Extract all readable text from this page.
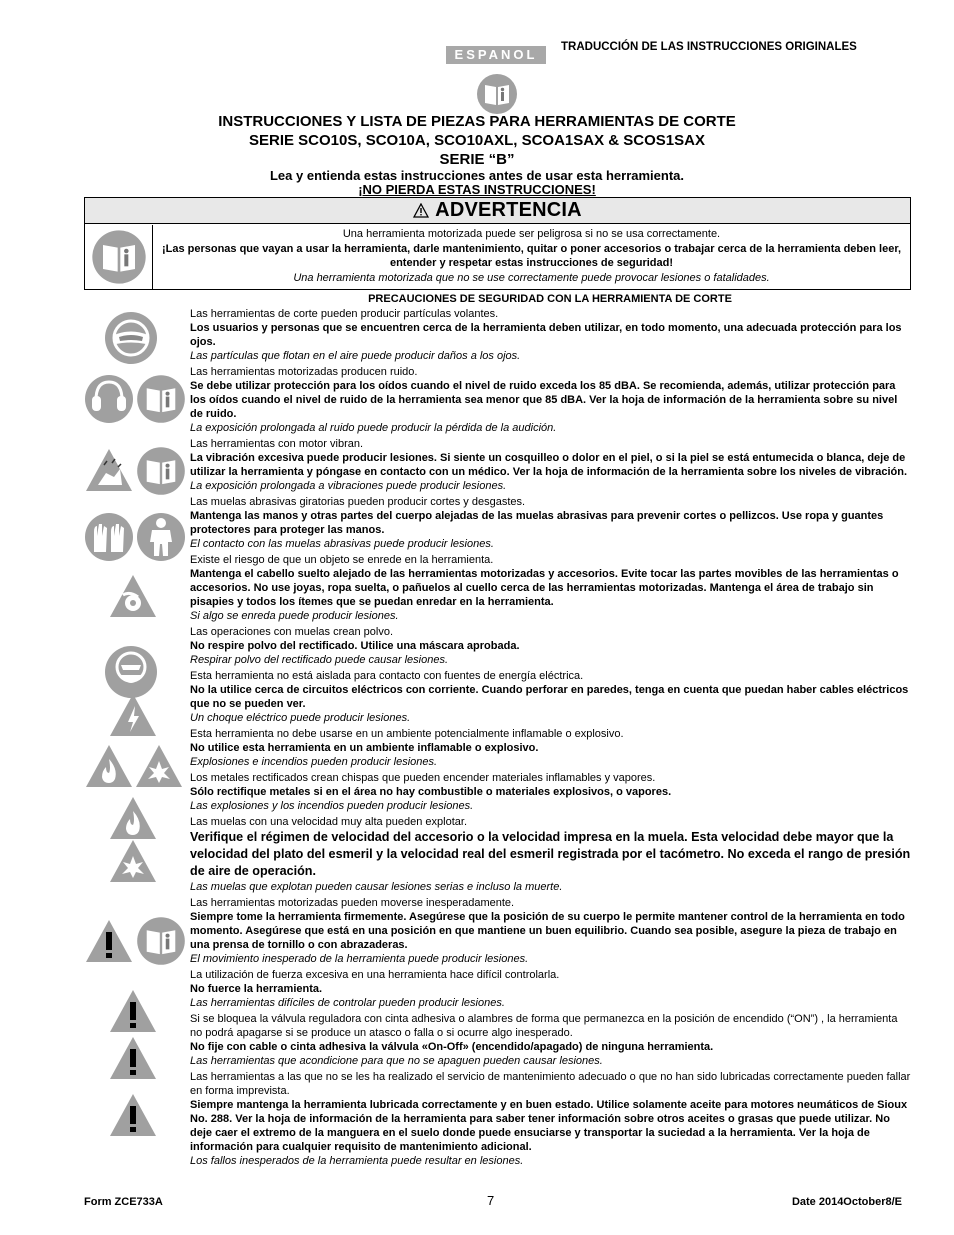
ESPANOL	TRADUCCIÓN DE LAS INSTRUCCIONES ORIGINALES
INSTRUCCIONES Y LISTA DE PIEZAS PARA HERRAMIENTAS DE CORTE
SERIE SCO10S, SCO10A, SCO10AXL, SCOA1SAX & SCOS1SAX
SERIE “B”
Lea y entienda estas instrucciones antes de usar esta herramienta.
¡NO PIERDA ESTAS INSTRUCCIONES!
ADVERTENCIA
Una herramienta motorizada puede ser peligrosa si no se usa correctamente.
¡Las personas que vayan a usar la herramienta, darle mantenimiento, quitar o poner accesorios o trabajar cerca de la herramienta deben leer, entender y respetar estas instrucciones de seguridad!
Una herramienta motorizada que no se use correctamente puede provocar lesiones o fatalidades.
PRECAUCIONES DE SEGURIDAD CON LA HERRAMIENTA DE CORTE
Las herramientas de corte pueden producir partículas volantes.
Los usuarios y personas que se encuentren cerca de la herramienta deben utilizar, en todo momento, una adecuada protección para los ojos.
Las partículas que flotan en el aire puede producir daños a los ojos.
Las herramientas motorizadas producen ruido.
Se debe utilizar protección para los oídos cuando el nivel de ruido exceda los 85 dBA. Se recomienda, además, utilizar protección para los oídos cuando el nivel de ruido de la herramienta sea menor que 85 dBA. Ver la hoja de información de la herramienta sobre su nivel de ruido.
La exposición prolongada al ruido puede producir la pérdida de la audición.
Las herramientas con motor vibran.
La vibración excesiva puede producir lesiones. Si siente un cosquilleo o dolor en el piel, o si la piel se está entumecida o blanca, deje de utilizar la herramienta y póngase en contacto con un médico. Ver la hoja de información de la herramienta sobre los niveles de vibración.
La exposición prolongada a vibraciones puede producir lesiones.
Las muelas abrasivas giratorias pueden producir cortes y desgastes.
Mantenga las manos y otras partes del cuerpo alejadas de las muelas abrasivas para prevenir cortes o pellizcos. Use ropa y guantes protectores para proteger las manos.
El contacto con las muelas abrasivas puede producir lesiones.
Existe el riesgo de que un objeto se enrede en la herramienta.
Mantenga el cabello suelto alejado de las herramientas motorizadas y accesorios. Evite tocar las partes movibles de las herramientas o accesorios. No use joyas, ropa suelta, o pañuelos al cuello cerca de las herramientas motorizadas. Mantenga el área de trabajo sin pisapies y todos los ítemes que se puedan enredar en la herramienta.
Si algo se enreda puede producir lesiones.
Las operaciones con muelas crean polvo.
No respire polvo del rectificado. Utilice una máscara aprobada.
Respirar polvo del rectificado puede causar lesiones.
Esta herramienta no está aislada para contacto con fuentes de energía eléctrica.
No la utilice cerca de circuitos eléctricos con corriente. Cuando perforar en paredes, tenga en cuenta que puedan haber cables eléctricos que no se pueden ver.
Un choque eléctrico puede producir lesiones.
Esta herramienta no debe usarse en un ambiente potencialmente inflamable o explosivo.
No utilice esta herramienta en un ambiente inflamable o explosivo.
Explosiones e incendios pueden producir lesiones.
Los metales rectificados crean chispas que pueden encender materiales inflamables y vapores.
Sólo rectifique metales si en el área no hay combustible o materiales explosivos, o vapores.
Las explosiones y los incendios pueden producir lesiones.
Las muelas con una velocidad muy alta pueden explotar.
Verifique el régimen de velocidad del accesorio o la velocidad impresa en la muela. Esta velocidad debe mayor que la velocidad del plato del esmeril y la velocidad real del esmeril registrada por el tacómetro. No exceda el rango de presión de aire de operación.
Las muelas que explotan pueden causar lesiones serias e incluso la muerte.
Las herramientas motorizadas pueden moverse inesperadamente.
Siempre tome la herramienta firmemente. Asegúrese que la posición de su cuerpo le permite mantener control de la herramienta en todo momento. Asegúrese que está en una posición en que mantiene un buen equilibrio. Cuando sea posible, asegure la pieza de trabajo en una prensa de tornillo o con abrazaderas.
El movimiento inesperado de la herramienta puede producir lesiones.
La utilización de fuerza excesiva en una herramienta hace difícil controlarla.
No fuerce la herramienta.
Las herramientas difíciles de controlar pueden producir lesiones.
Si se bloquea la válvula reguladora con cinta adhesiva o alambres de forma que permanezca en la posición de encendido (“ON”) , la herramienta no podrá apagarse si se produce un atasco o falla o si ocurre algo inesperado.
No fije con cable o cinta adhesiva la válvula «On-Off» (encendido/apagado) de ninguna herramienta.
Las herramientas que acondicione para que no se apaguen pueden causar lesiones.
Las herramientas a las que no se les ha realizado el servicio de mantenimiento adecuado o que no han sido lubricadas correctamente pueden fallar en forma imprevista.
Siempre mantenga la herramienta lubricada correctamente y en buen estado. Utilice solamente aceite para motores neumáticos de Sioux No. 288. Ver la hoja de información de la herramienta para saber tener información sobre otros aceites o grasas que puede utilizar. No deje caer el extremo de la manguera en el suelo donde puede ensuciarse y transportar la suciedad a la herramienta. Ver la hoja de información para cualquier requisito de mantenimiento adicional.
Los fallos inesperados de la herramienta puede resultar en lesiones.
Form ZCE733A	7	Date 2014October8/E
